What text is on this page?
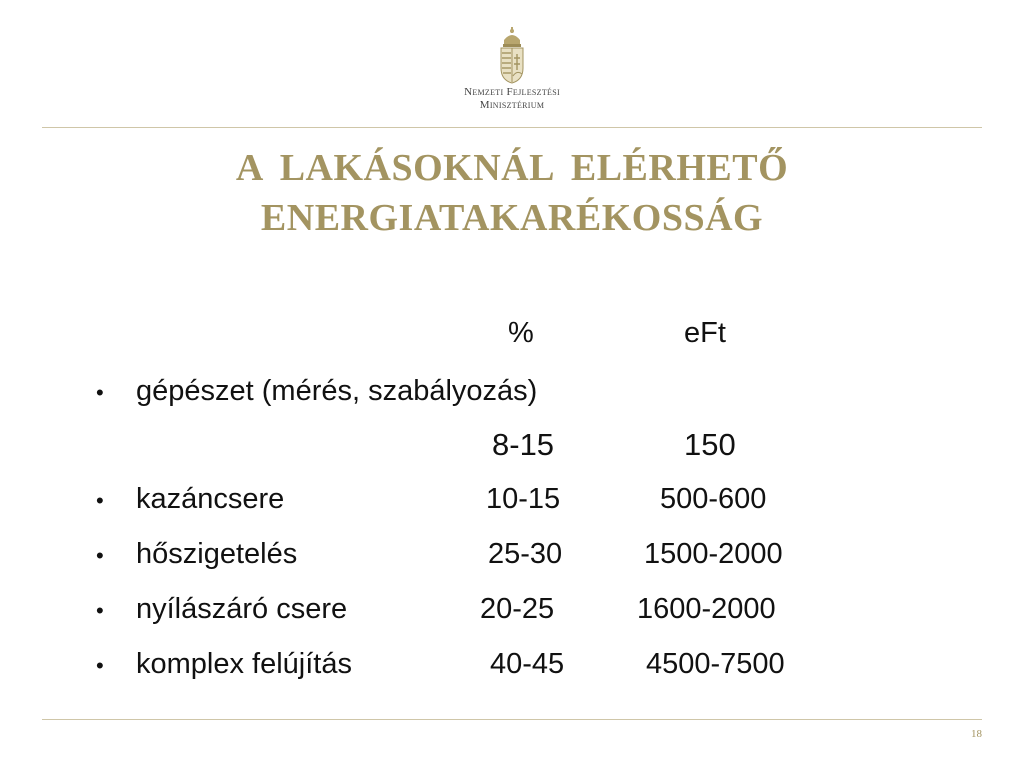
Nemzeti Fejlesztési
Minisztérium
A LAKÁSOKNÁL ELÉRHETŐ
ENERGIATAKARÉKOSSÁG
%	eFt
• gépészet (mérés, szabályozás)
8-15	150
• kazáncsere	10-15	500-600
• hőszigetelés	25-30	1500-2000
• nyílászáró csere	20-25	1600-2000
• komplex felújítás	40-45	4500-7500
18
